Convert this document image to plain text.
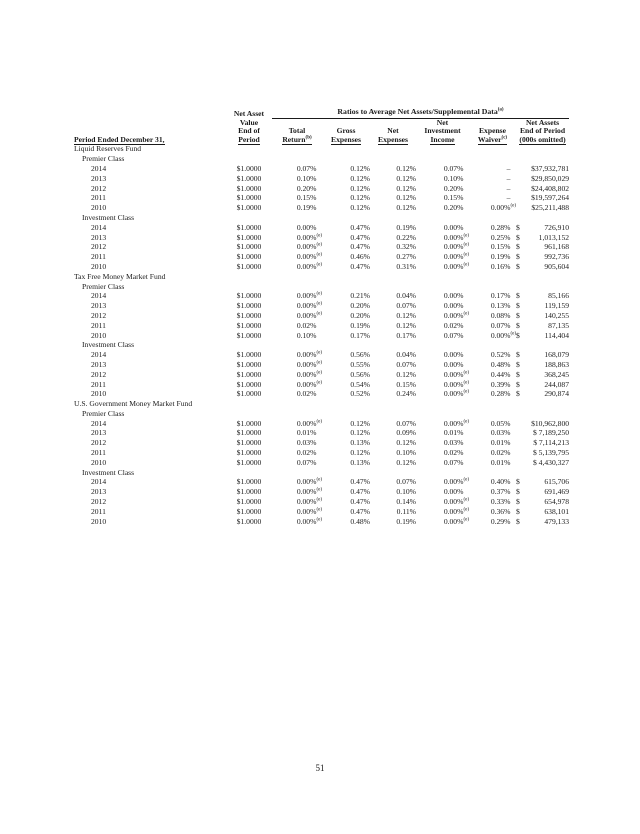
	Net Asset	Ratios to Average Net Assets/Supplemental Data$^{(a)}$
	Value				Net		Net Assets	
	End of	Total	Gross	Net	Investment	Expense	End of Period	
Period Ended December 31,	Period	Return$^{(b)}$	Expenses	Expenses	Income	Waiver$^{(c)}$	(000s omitted)	
Liquid Reserves Fund								
Premier Class								
2014	$1.0000	0.07%	0.12%	0.12%	0.07%	–		$37,932,781
2013	$1.0000	0.10%	0.12%	0.12%	0.10%	–		$29,850,029
2012	$1.0000	0.20%	0.12%	0.12%	0.20%	–		$24,408,802
2011	$1.0000	0.15%	0.12%	0.12%	0.15%	–		$19,597,264
2010	$1.0000	0.19%	0.12%	0.12%	0.20%	0.00%$^{(e)}$		$25,211,488
Investment Class								
2014	$1.0000	0.00%	0.47%	0.19%	0.00%	0.28%	$	726,910
2013	$1.0000	0.00%$^{(e)}$	0.47%	0.22%	0.00%$^{(e)}$	0.25%	$	1,013,152
2012	$1.0000	0.00%$^{(e)}$	0.47%	0.32%	0.00%$^{(e)}$	0.15%	$	961,168
2011	$1.0000	0.00%$^{(e)}$	0.46%	0.27%	0.00%$^{(e)}$	0.19%	$	992,736
2010	$1.0000	0.00%$^{(e)}$	0.47%	0.31%	0.00%$^{(e)}$	0.16%	$	905,604
Tax Free Money Market Fund								
Premier Class								
2014	$1.0000	0.00%$^{(e)}$	0.21%	0.04%	0.00%	0.17%	$	85,166
2013	$1.0000	0.00%$^{(e)}$	0.20%	0.07%	0.00%	0.13%	$	119,159
2012	$1.0000	0.00%$^{(e)}$	0.20%	0.12%	0.00%$^{(e)}$	0.08%	$	140,255
2011	$1.0000	0.02%	0.19%	0.12%	0.02%	0.07%	$	87,135
2010	$1.0000	0.10%	0.17%	0.17%	0.07%	0.00%$^{(e)}$	$	114,404
Investment Class								
2014	$1.0000	0.00%$^{(e)}$	0.56%	0.04%	0.00%	0.52%	$	168,079
2013	$1.0000	0.00%$^{(e)}$	0.55%	0.07%	0.00%	0.48%	$	188,863
2012	$1.0000	0.00%$^{(e)}$	0.56%	0.12%	0.00%$^{(e)}$	0.44%	$	368,245
2011	$1.0000	0.00%$^{(e)}$	0.54%	0.15%	0.00%$^{(e)}$	0.39%	$	244,087
2010	$1.0000	0.02%	0.52%	0.24%	0.00%$^{(e)}$	0.28%	$	290,874
U.S. Government Money Market Fund								
Premier Class								
2014	$1.0000	0.00%$^{(e)}$	0.12%	0.07%	0.00%$^{(e)}$	0.05%		$10,962,800
2013	$1.0000	0.01%	0.12%	0.09%	0.01%	0.03%		$ 7,189,250
2012	$1.0000	0.03%	0.13%	0.12%	0.03%	0.01%		$ 7,114,213
2011	$1.0000	0.02%	0.12%	0.10%	0.02%	0.02%		$ 5,139,795
2010	$1.0000	0.07%	0.13%	0.12%	0.07%	0.01%		$ 4,430,327
Investment Class								
2014	$1.0000	0.00%$^{(e)}$	0.47%	0.07%	0.00%$^{(e)}$	0.40%	$	615,706
2013	$1.0000	0.00%$^{(e)}$	0.47%	0.10%	0.00%	0.37%	$	691,469
2012	$1.0000	0.00%$^{(e)}$	0.47%	0.14%	0.00%$^{(e)}$	0.33%	$	654,978
2011	$1.0000	0.00%$^{(e)}$	0.47%	0.11%	0.00%$^{(e)}$	0.36%	$	638,101
2010	$1.0000	0.00%$^{(e)}$	0.48%	0.19%	0.00%$^{(e)}$	0.29%	$	479,133
51
